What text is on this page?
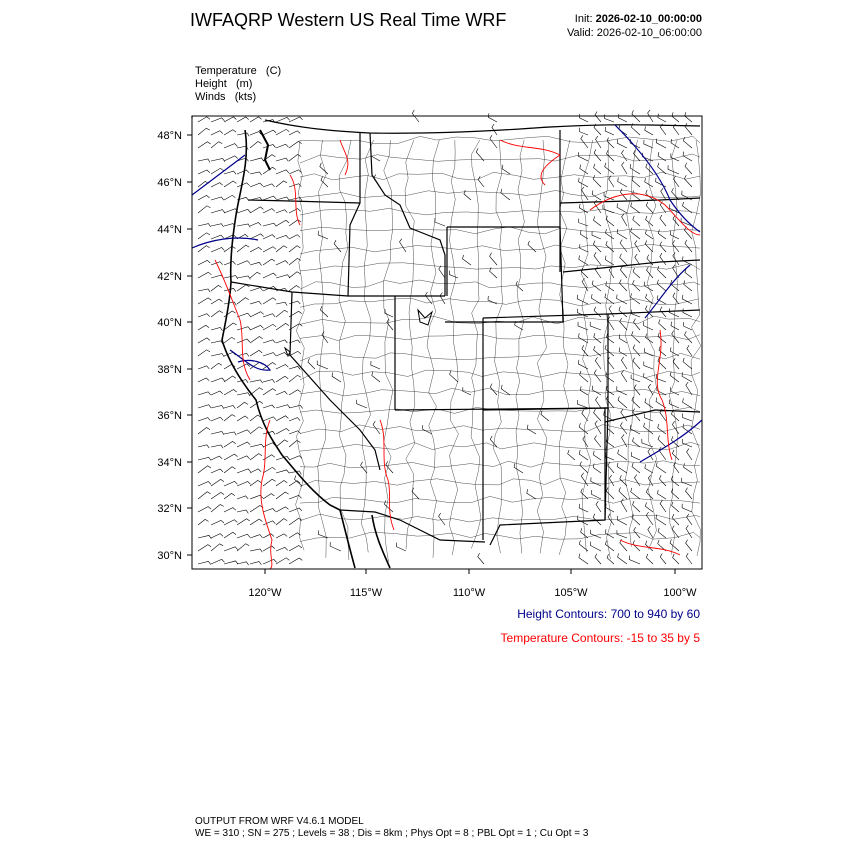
IWFAQRP Western US Real Time WRF	Init: 2026-02-10_00:00:00
Valid: 2026-02-10_06:00:00
Temperature   (C)
Height   (m)
Winds   (kts)
48°N
46°N
44°N
42°N
40°N
38°N
36°N
34°N
32°N
30°N
120°W	115°W	110°W	105°W	100°W
Height Contours: 700 to 940 by 60
Temperature Contours: -15 to 35 by 5
OUTPUT FROM WRF V4.6.1 MODEL
WE = 310 ; SN = 275 ; Levels = 38 ; Dis = 8km ; Phys Opt = 8 ; PBL Opt = 1 ; Cu Opt = 3
